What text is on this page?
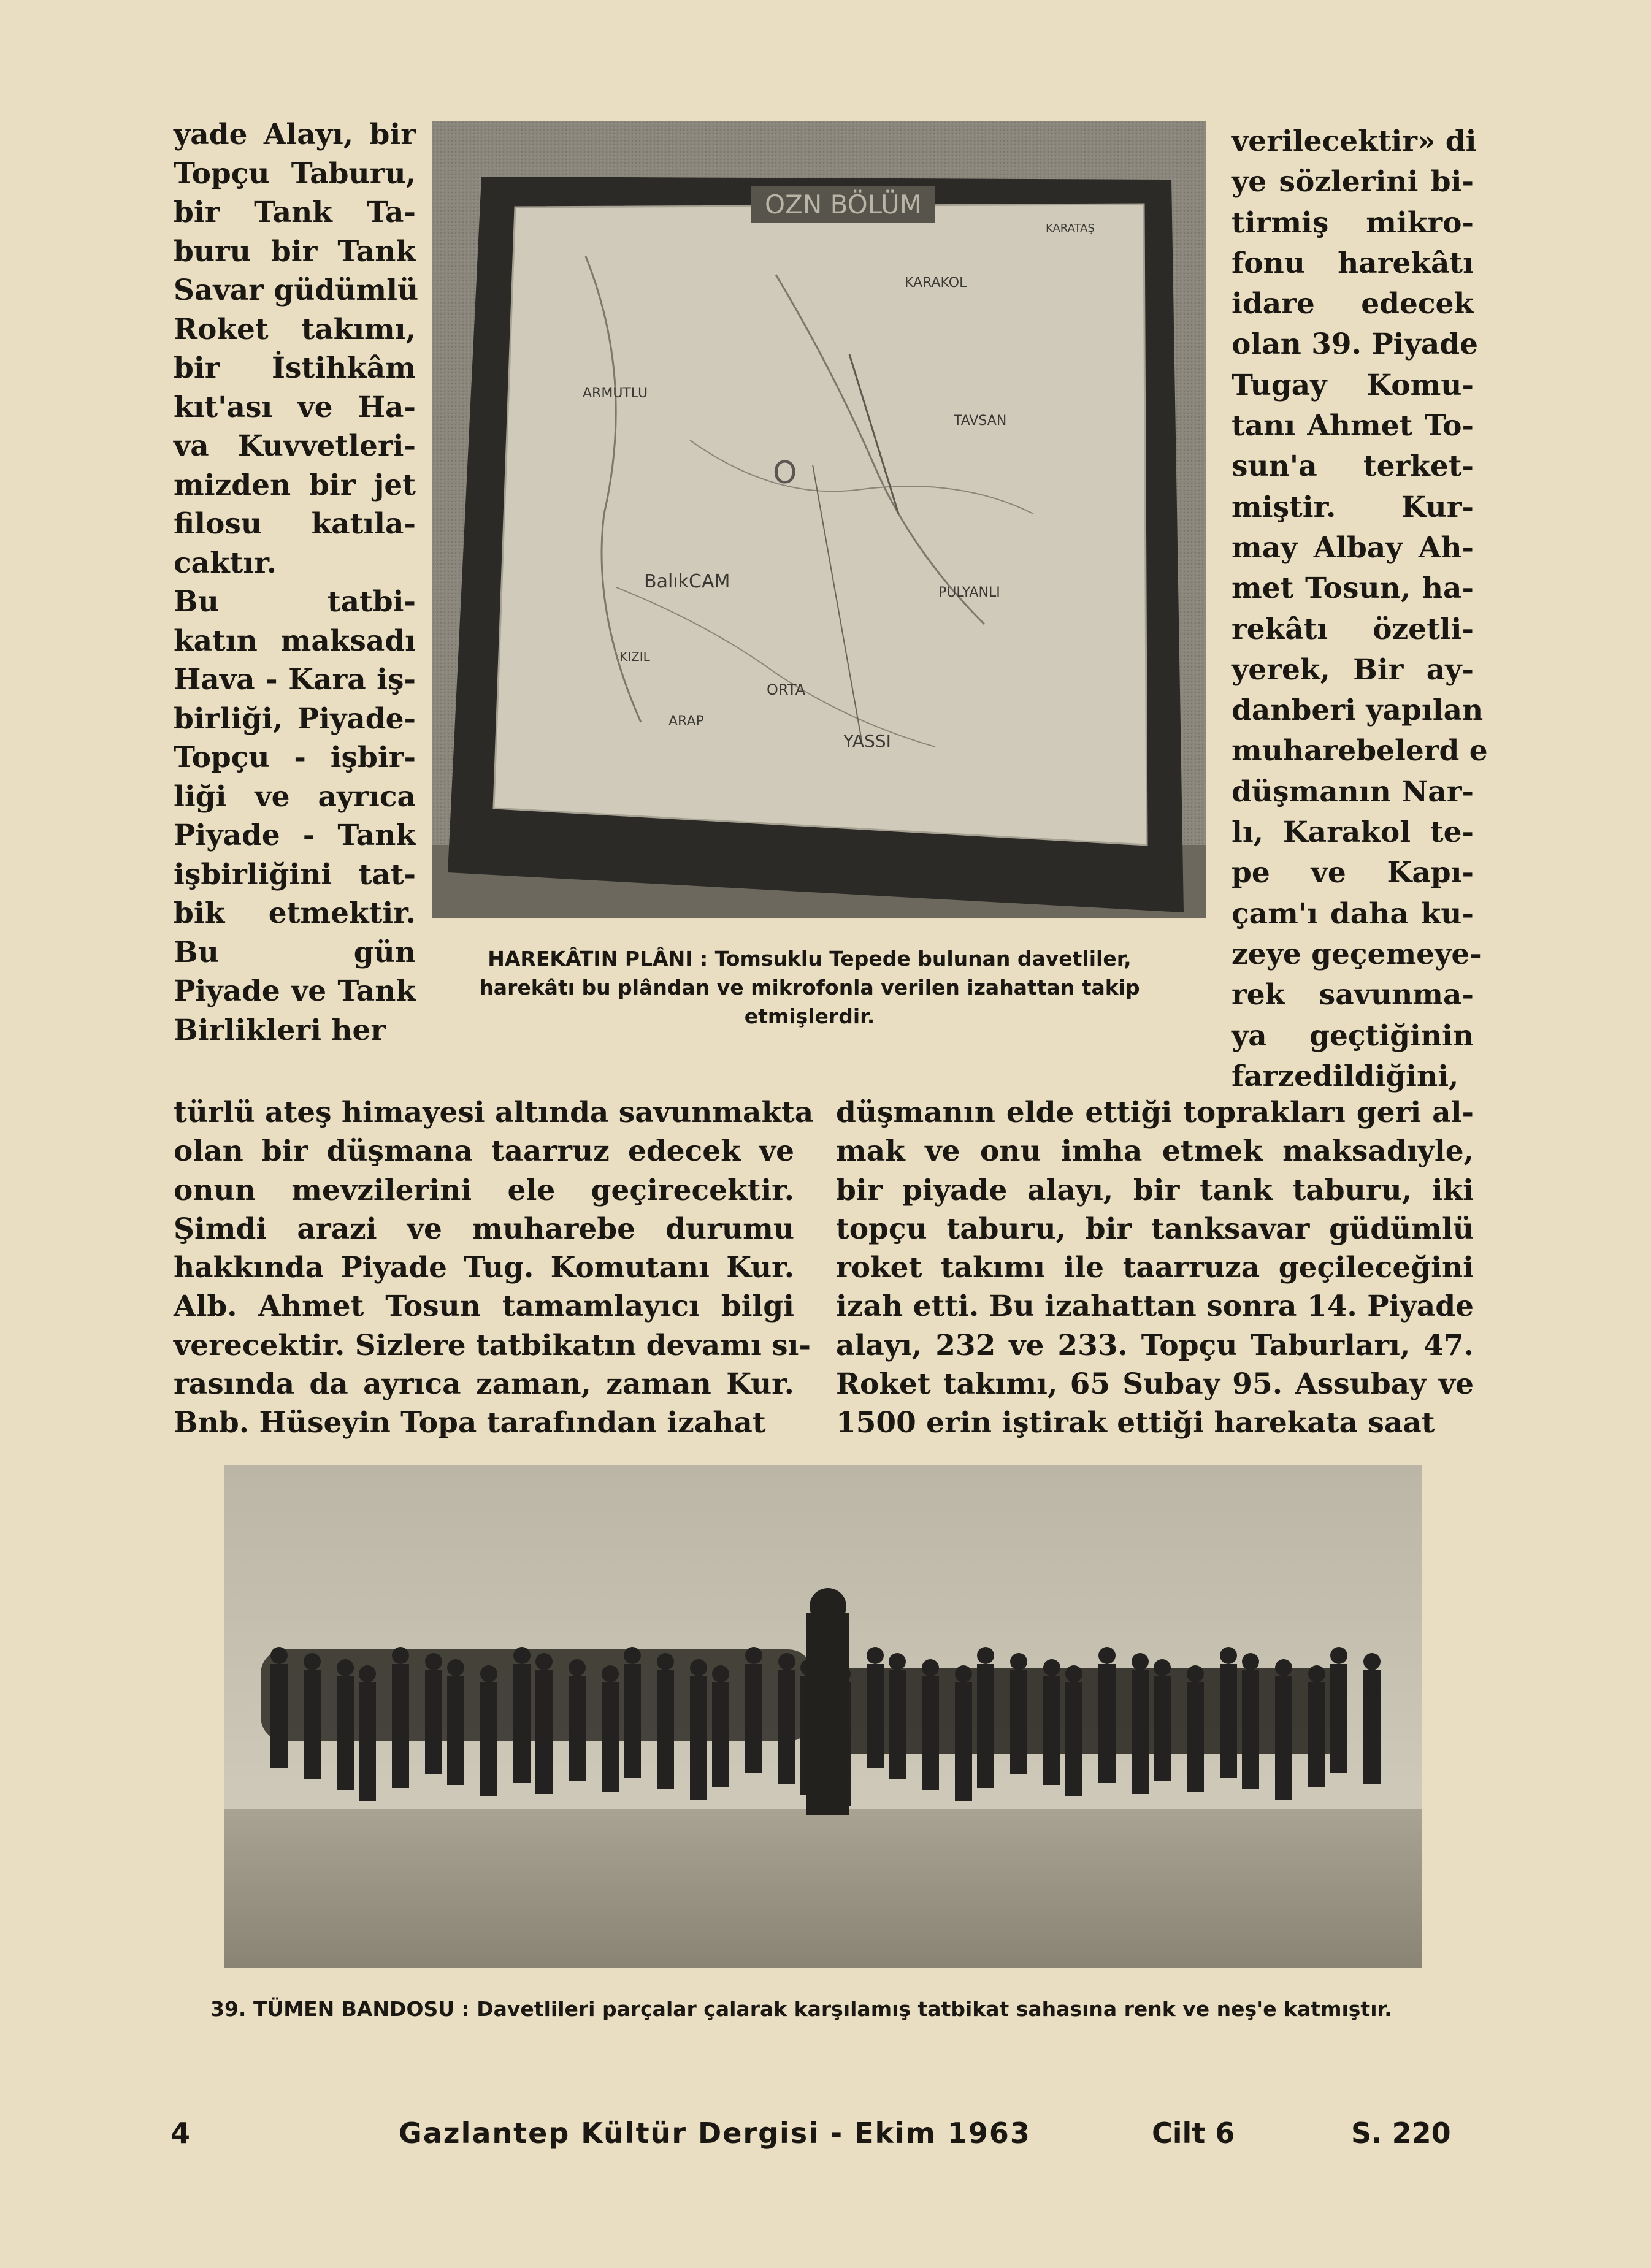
yade Alayı, bir
Topçu Taburu,
bir Tank Ta-
buru bir Tank
Savar güdümlü
Roket takımı,
bir İstihkâm
kıt'ası ve Ha-
va Kuvvetleri-
mizden bir jet
filosu katıla-
caktır.
Bu tatbi-
katın maksadı
Hava - Kara iş-
birliği, Piyade-
Topçu - işbir-
liği ve ayrıca
Piyade - Tank
işbirliğini tat-
bik etmektir.
Bu gün
Piyade ve Tank
Birlikleri her
OZN BÖLÜM
KARAKOL
KARATAŞ
ARMUTLU
TAVSAN
BalıkCAM
PULYANLI
ORTA
ARAP
YASSI
KIZIL
O
verilecektir» di
ye sözlerini bi-
tirmiş mikro-
fonu harekâtı
idare edecek
olan 39. Piyade
Tugay Komu-
tanı Ahmet To-
sun'a terket-
miştir. Kur-
may Albay Ah-
met Tosun, ha-
rekâtı özetli-
yerek, Bir ay-
danberi yapılan
muharebelerd e
düşmanın Nar-
lı, Karakol te-
pe ve Kapı-
çam'ı daha ku-
zeye geçemeye-
rek savunma-
ya geçtiğinin
farzedildiğini,
HAREKÂTIN PLÂNI : Tomsuklu Tepede bulunan davetliler, harekâtı bu plândan ve mikrofonla verilen izahattan takip etmişlerdir.
türlü ateş himayesi altında savunmakta
olan bir düşmana taarruz edecek ve
onun mevzilerini ele geçirecektir.
Şimdi arazi ve muharebe durumu
hakkında Piyade Tug. Komutanı Kur.
Alb. Ahmet Tosun tamamlayıcı bilgi
verecektir. Sizlere tatbikatın devamı sı-
rasında da ayrıca zaman, zaman Kur.
Bnb. Hüseyin Topa tarafından izahat
düşmanın elde ettiği toprakları geri al-
mak ve onu imha etmek maksadıyle,
bir piyade alayı, bir tank taburu, iki
topçu taburu, bir tanksavar güdümlü
roket takımı ile taarruza geçileceğini
izah etti. Bu izahattan sonra 14. Piyade
alayı, 232 ve 233. Topçu Taburları, 47.
Roket takımı, 65 Subay 95. Assubay ve
1500 erin iştirak ettiği harekata saat
39. TÜMEN BANDOSU : Davetlileri parçalar çalarak karşılamış tatbikat sahasına renk ve neş'e katmıştır.
4	Gazlantep Kültür Dergisi - Ekim 1963	Cilt 6	S. 220
